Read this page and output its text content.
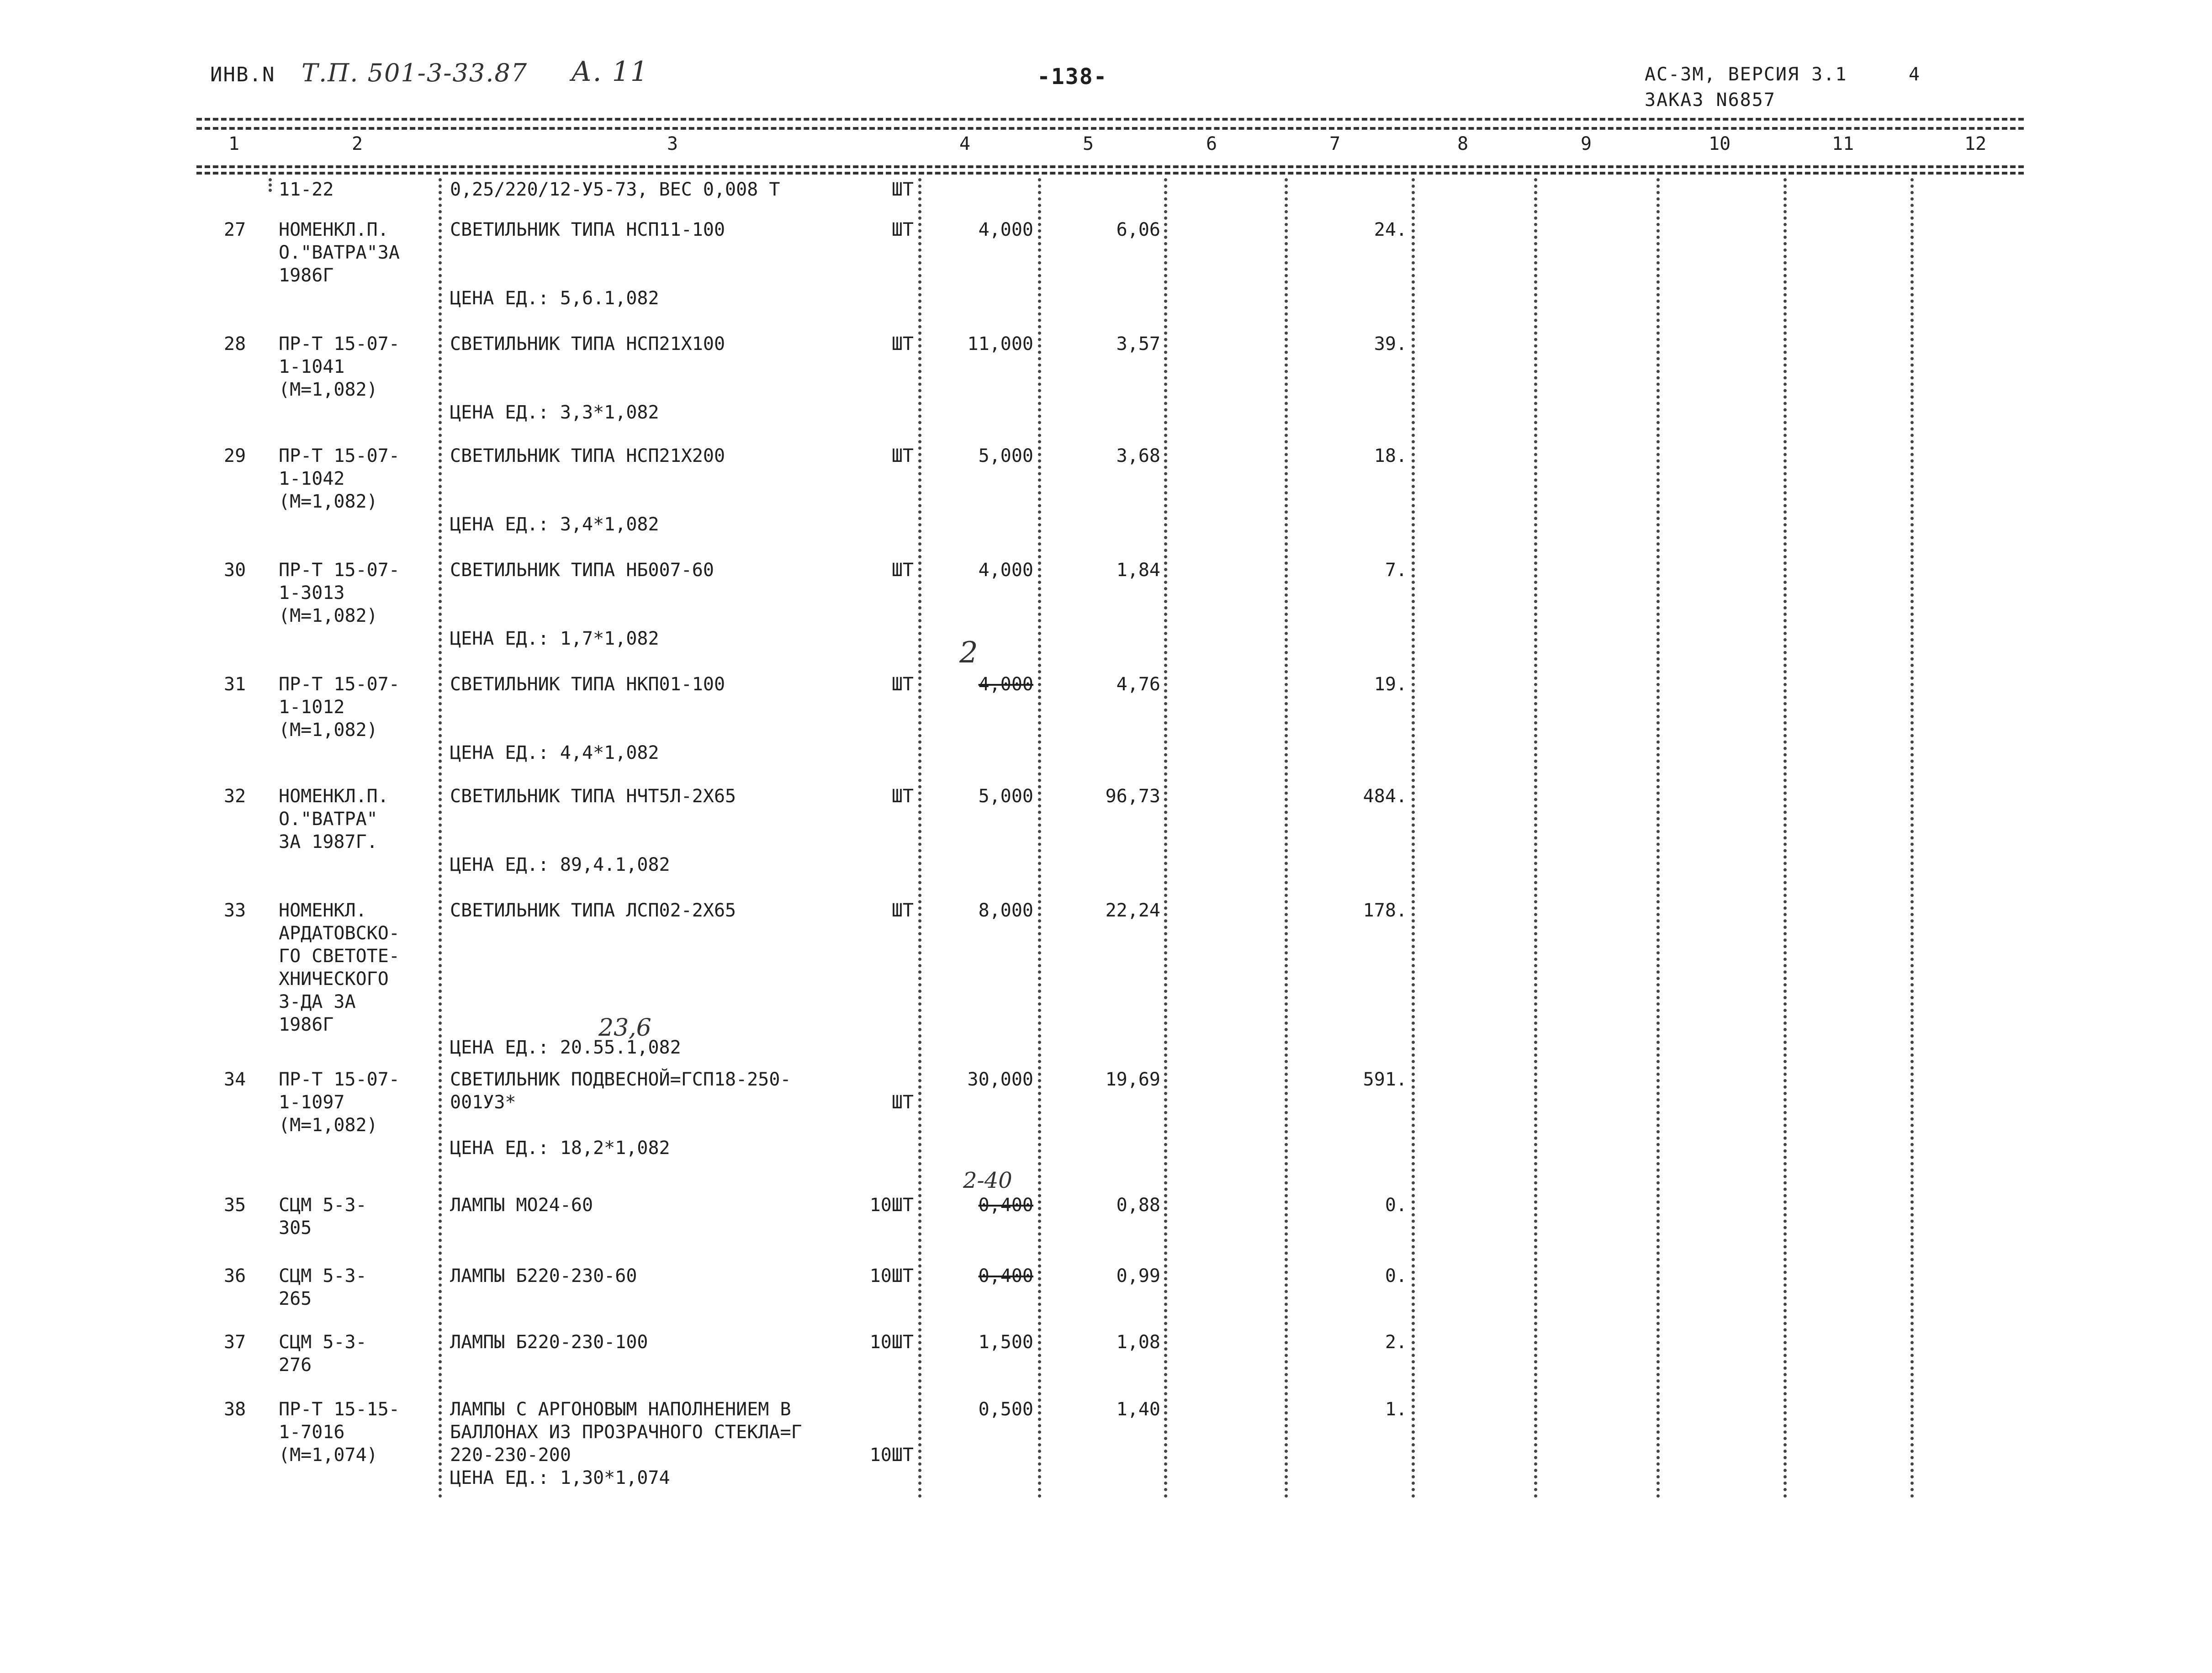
ИНВ.N Т.П. 501-3-33.87 А. 11	-138-	АС-3М, ВЕРСИЯ 3.1	4
ЗАКАЗ N6857
1	2	3	4	5	6	7	8	9	10	11	12
11-22	0,25/220/12-У5-73, ВЕС 0,008 Т	ШТ
27 НОМЕНКЛ.П.
О."ВАТРА"ЗА
1986Г
СВЕТИЛЬНИК ТИПА НСП11-100	ШТ	4,000	6,06	24.
ЦЕНА ЕД.: 5,6.1,082
28 ПР-Т 15-07-
1-1041
(М=1,082)
СВЕТИЛЬНИК ТИПА НСП21Х100	ШТ	11,000	3,57	39.
ЦЕНА ЕД.: 3,3*1,082
29 ПР-Т 15-07-
1-1042
(М=1,082)
СВЕТИЛЬНИК ТИПА НСП21Х200	ШТ	5,000	3,68	18.
ЦЕНА ЕД.: 3,4*1,082
30 ПР-Т 15-07-
1-3013
(М=1,082)
СВЕТИЛЬНИК ТИПА НБ007-60	ШТ	4,000	1,84	7.
ЦЕНА ЕД.: 1,7*1,082
31 ПР-Т 15-07-
1-1012
(М=1,082)
СВЕТИЛЬНИК ТИПА НКП01-100	ШТ	4,000	4,76	19.
ЦЕНА ЕД.: 4,4*1,082
32 НОМЕНКЛ.П.
О."ВАТРА"
ЗА 1987Г.
СВЕТИЛЬНИК ТИПА НЧТ5Л-2Х65	ШТ	5,000	96,73	484.
ЦЕНА ЕД.: 89,4.1,082
33 НОМЕНКЛ.
АРДАТОВСКО-
ГО СВЕТОТЕ-
ХНИЧЕСКОГО
З-ДА ЗА
1986Г
СВЕТИЛЬНИК ТИПА ЛСП02-2Х65	ШТ	8,000	22,24	178.
ЦЕНА ЕД.: 20.55.1,082
34 ПР-Т 15-07-
1-1097
(М=1,082)
СВЕТИЛЬНИК ПОДВЕСНОЙ=ГСП18-250-
001У3*	ШТ
30,000	19,69	591.
ЦЕНА ЕД.: 18,2*1,082
35 СЦМ 5-3-
305
ЛАМПЫ МО24-60	10ШТ	0,400	0,88	0.
36 СЦМ 5-3-
265
ЛАМПЫ Б220-230-60	10ШТ	0,400	0,99	0.
37 СЦМ 5-3-
276
ЛАМПЫ Б220-230-100	10ШТ	1,500	1,08	2.
38 ПР-Т 15-15-
1-7016
(М=1,074)
ЛАМПЫ С АРГОНОВЫМ НАПОЛНЕНИЕМ В
БАЛЛОНАХ ИЗ ПРОЗРАЧНОГО СТЕКЛА=Г
220-230-200	10ШТ
0,500	1,40	1.
ЦЕНА ЕД.: 1,30*1,074
2
23,6
2-40
